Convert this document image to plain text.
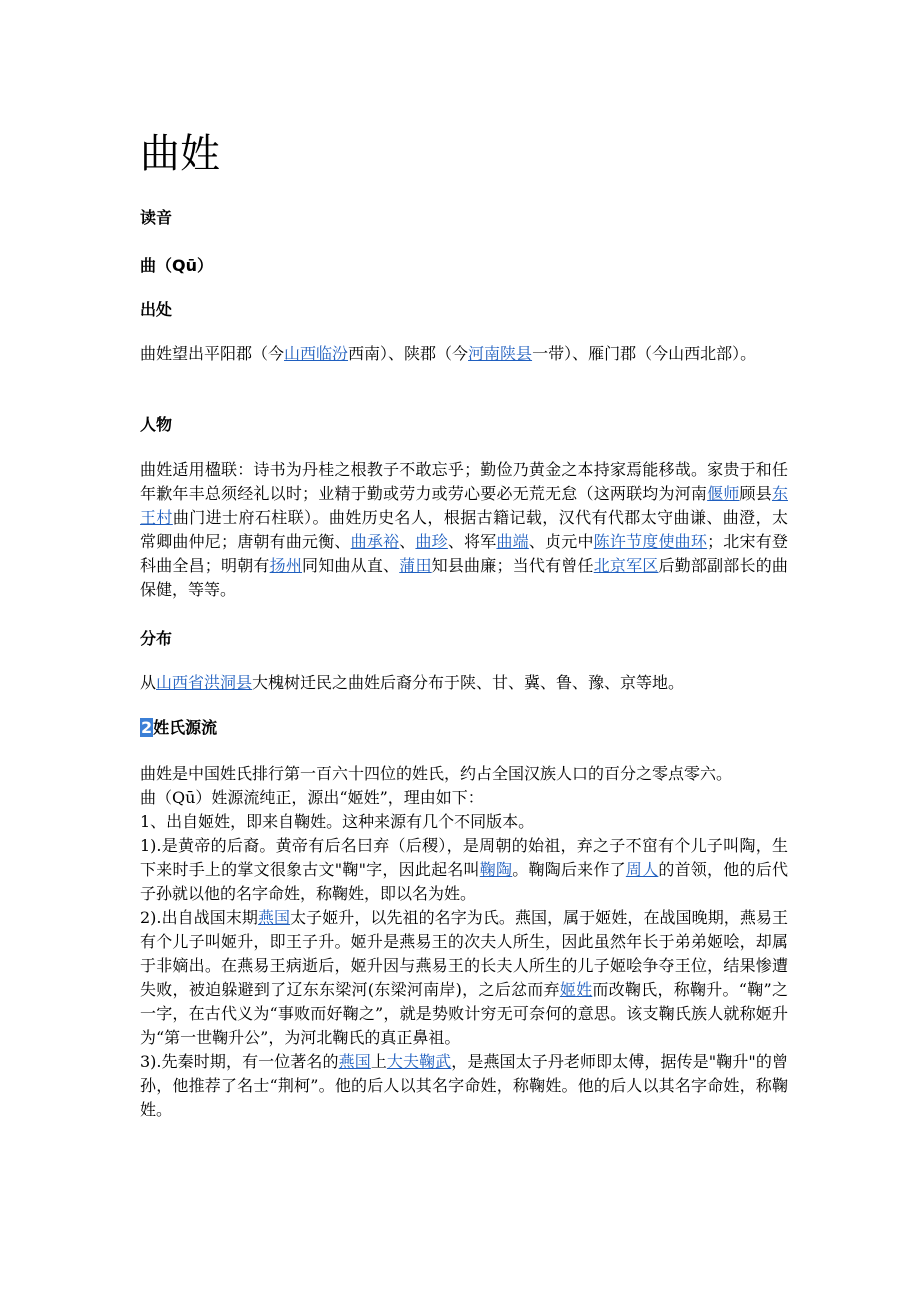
曲姓
读音
曲（Qū）
出处

曲姓望出平阳郡（今山西临汾西南）、陕郡（今河南陕县一带）、雁门郡（今山西北部）。

人物

曲姓适用楹联：诗书为丹桂之根教子不敢忘乎；勤俭乃黄金之本持家焉能移哉。家贵于和任年歉年丰总须经礼以时；业精于勤或劳力或劳心要必无荒无怠（这两联均为河南偃师顾县东王村曲门进士府石柱联）。曲姓历史名人，根据古籍记载，汉代有代郡太守曲谦、曲澄，太常卿曲仲尼；唐朝有曲元衡、曲承裕、曲珍、将军曲端、贞元中陈许节度使曲环；北宋有登科曲全昌；明朝有扬州同知曲从直、蒲田知县曲廉；当代有曾任北京军区后勤部副部长的曲保健，等等。

分布

从山西省洪洞县大槐树迁民之曲姓后裔分布于陕、甘、冀、鲁、豫、京等地。

2姓氏源流
曲姓是中国姓氏排行第一百六十四位的姓氏，约占全国汉族人口的百分之零点零六。
曲（Qū）姓源流纯正，源出“姬姓”，理由如下：
1、出自姬姓，即来自鞠姓。这种来源有几个不同版本。
1).是黄帝的后裔。黄帝有后名曰弃（后稷），是周朝的始祖，弃之子不窋有个儿子叫陶，生下来时手上的掌文很象古文"鞠"字，因此起名叫鞠陶。鞠陶后来作了周人的首领，他的后代子孙就以他的名字命姓，称鞠姓，即以名为姓。
2).出自战国末期燕国太子姬升，以先祖的名字为氏。燕国，属于姬姓，在战国晚期，燕易王有个儿子叫姬升，即王子升。姬升是燕易王的次夫人所生，因此虽然年长于弟弟姬哙，却属于非嫡出。在燕易王病逝后，姬升因与燕易王的长夫人所生的儿子姬哙争夺王位，结果惨遭失败，被迫躲避到了辽东东梁河(东梁河南岸)，之后忿而弃姬姓而改鞠氏，称鞠升。“鞠”之一字，在古代义为“事败而好鞠之”，就是势败计穷无可奈何的意思。该支鞠氏族人就称姬升为“第一世鞠升公”，为河北鞠氏的真正鼻祖。
3).先秦时期，有一位著名的燕国上大夫鞠武，是燕国太子丹老师即太傅，据传是"鞠升"的曾孙，他推荐了名士“荆柯”。他的后人以其名字命姓，称鞠姓。他的后人以其名字命姓，称鞠姓。
